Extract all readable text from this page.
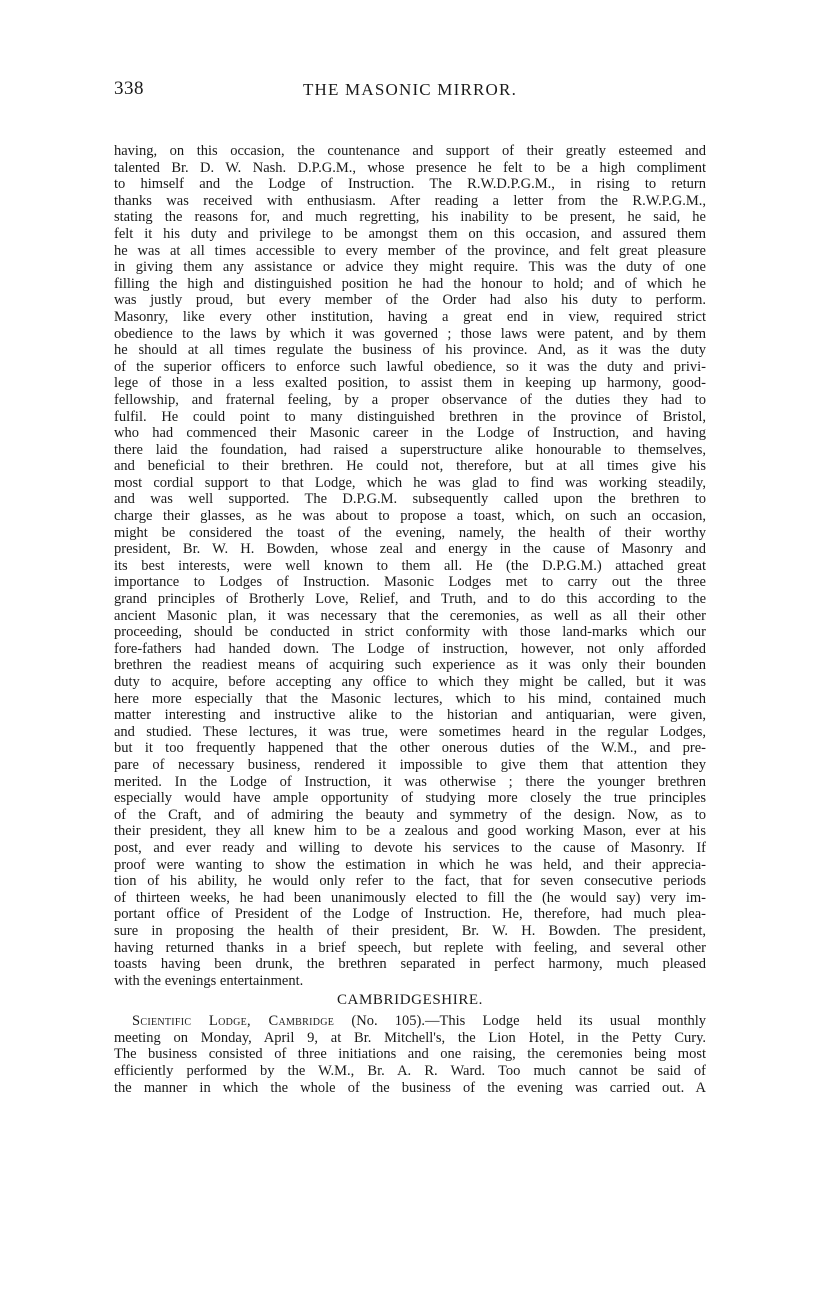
338	THE MASONIC MIRROR.
having, on this occasion, the countenance and support of their greatly esteemed and
talented Br. D. W. Nash. D.P.G.M., whose presence he felt to be a high compliment
to himself and the Lodge of Instruction. The R.W.D.P.G.M., in rising to return
thanks was received with enthusiasm. After reading a letter from the R.W.P.G.M.,
stating the reasons for, and much regretting, his inability to be present, he said, he
felt it his duty and privilege to be amongst them on this occasion, and assured them
he was at all times accessible to every member of the province, and felt great pleasure
in giving them any assistance or advice they might require. This was the duty of one
filling the high and distinguished position he had the honour to hold; and of which he
was justly proud, but every member of the Order had also his duty to perform.
Masonry, like every other institution, having a great end in view, required strict
obedience to the laws by which it was governed ; those laws were patent, and by them
he should at all times regulate the business of his province. And, as it was the duty
of the superior officers to enforce such lawful obedience, so it was the duty and privi-
lege of those in a less exalted position, to assist them in keeping up harmony, good-
fellowship, and fraternal feeling, by a proper observance of the duties they had to
fulfil. He could point to many distinguished brethren in the province of Bristol,
who had commenced their Masonic career in the Lodge of Instruction, and having
there laid the foundation, had raised a superstructure alike honourable to themselves,
and beneficial to their brethren. He could not, therefore, but at all times give his
most cordial support to that Lodge, which he was glad to find was working steadily,
and was well supported. The D.P.G.M. subsequently called upon the brethren to
charge their glasses, as he was about to propose a toast, which, on such an occasion,
might be considered the toast of the evening, namely, the health of their worthy
president, Br. W. H. Bowden, whose zeal and energy in the cause of Masonry and
its best interests, were well known to them all. He (the D.P.G.M.) attached great
importance to Lodges of Instruction. Masonic Lodges met to carry out the three
grand principles of Brotherly Love, Relief, and Truth, and to do this according to the
ancient Masonic plan, it was necessary that the ceremonies, as well as all their other
proceeding, should be conducted in strict conformity with those land-marks which our
fore-fathers had handed down. The Lodge of instruction, however, not only afforded
brethren the readiest means of acquiring such experience as it was only their bounden
duty to acquire, before accepting any office to which they might be called, but it was
here more especially that the Masonic lectures, which to his mind, contained much
matter interesting and instructive alike to the historian and antiquarian, were given,
and studied. These lectures, it was true, were sometimes heard in the regular Lodges,
but it too frequently happened that the other onerous duties of the W.M., and pre-
pare of necessary business, rendered it impossible to give them that attention they
merited. In the Lodge of Instruction, it was otherwise ; there the younger brethren
especially would have ample opportunity of studying more closely the true principles
of the Craft, and of admiring the beauty and symmetry of the design. Now, as to
their president, they all knew him to be a zealous and good working Mason, ever at his
post, and ever ready and willing to devote his services to the cause of Masonry. If
proof were wanting to show the estimation in which he was held, and their apprecia-
tion of his ability, he would only refer to the fact, that for seven consecutive periods
of thirteen weeks, he had been unanimously elected to fill the (he would say) very im-
portant office of President of the Lodge of Instruction. He, therefore, had much plea-
sure in proposing the health of their president, Br. W. H. Bowden. The president,
having returned thanks in a brief speech, but replete with feeling, and several other
toasts having been drunk, the brethren separated in perfect harmony, much pleased
with the evenings entertainment.
CAMBRIDGESHIRE.
Scientific Lodge, Cambridge (No. 105).—This Lodge held its usual monthly
meeting on Monday, April 9, at Br. Mitchell's, the Lion Hotel, in the Petty Cury.
The business consisted of three initiations and one raising, the ceremonies being most
efficiently performed by the W.M., Br. A. R. Ward. Too much cannot be said of
the manner in which the whole of the business of the evening was carried out. A
